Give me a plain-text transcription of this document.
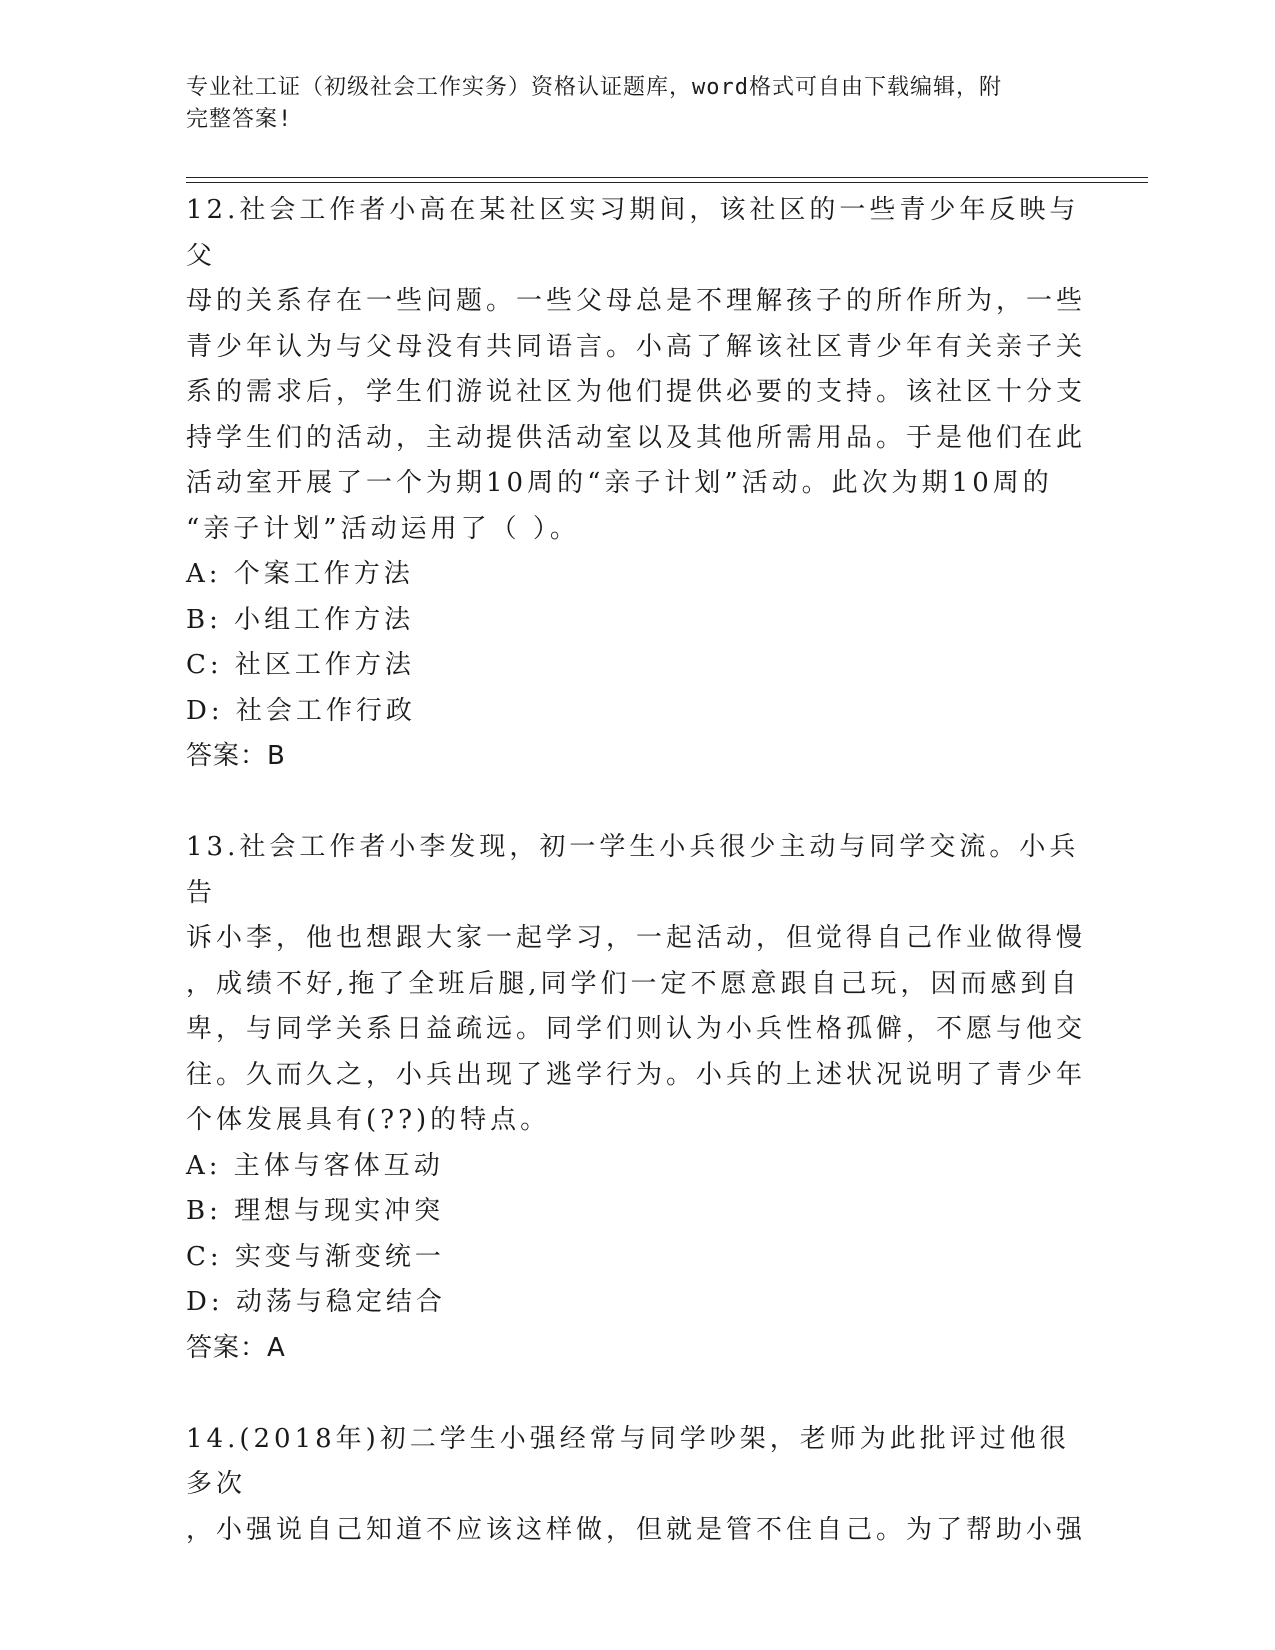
专业社工证（初级社会工作实务）资格认证题库，word格式可自由下载编辑，附
完整答案!

12.社会工作者小高在某社区实习期间，该社区的一些青少年反映与父

母的关系存在一些问题。一些父母总是不理解孩子的所作所为，一些

青少年认为与父母没有共同语言。小高了解该社区青少年有关亲子关

系的需求后，学生们游说社区为他们提供必要的支持。该社区十分支

持学生们的活动，主动提供活动室以及其他所需用品。于是他们在此

活动室开展了一个为期10周的“亲子计划”活动。此次为期10周的

“亲子计划”活动运用了（ ）。

A: 个案工作方法

B: 小组工作方法

C: 社区工作方法

D: 社会工作行政

答案：B

13.社会工作者小李发现，初一学生小兵很少主动与同学交流。小兵告

诉小李，他也想跟大家一起学习，一起活动，但觉得自己作业做得慢

，成绩不好,拖了全班后腿,同学们一定不愿意跟自己玩，因而感到自

卑，与同学关系日益疏远。同学们则认为小兵性格孤僻，不愿与他交

往。久而久之，小兵出现了逃学行为。小兵的上述状况说明了青少年

个体发展具有(??)的特点。

A: 主体与客体互动

B: 理想与现实冲突

C: 实变与渐变统一

D: 动荡与稳定结合

答案：A

14.(2018年)初二学生小强经常与同学吵架，老师为此批评过他很多次

，小强说自己知道不应该这样做，但就是管不住自己。为了帮助小强
